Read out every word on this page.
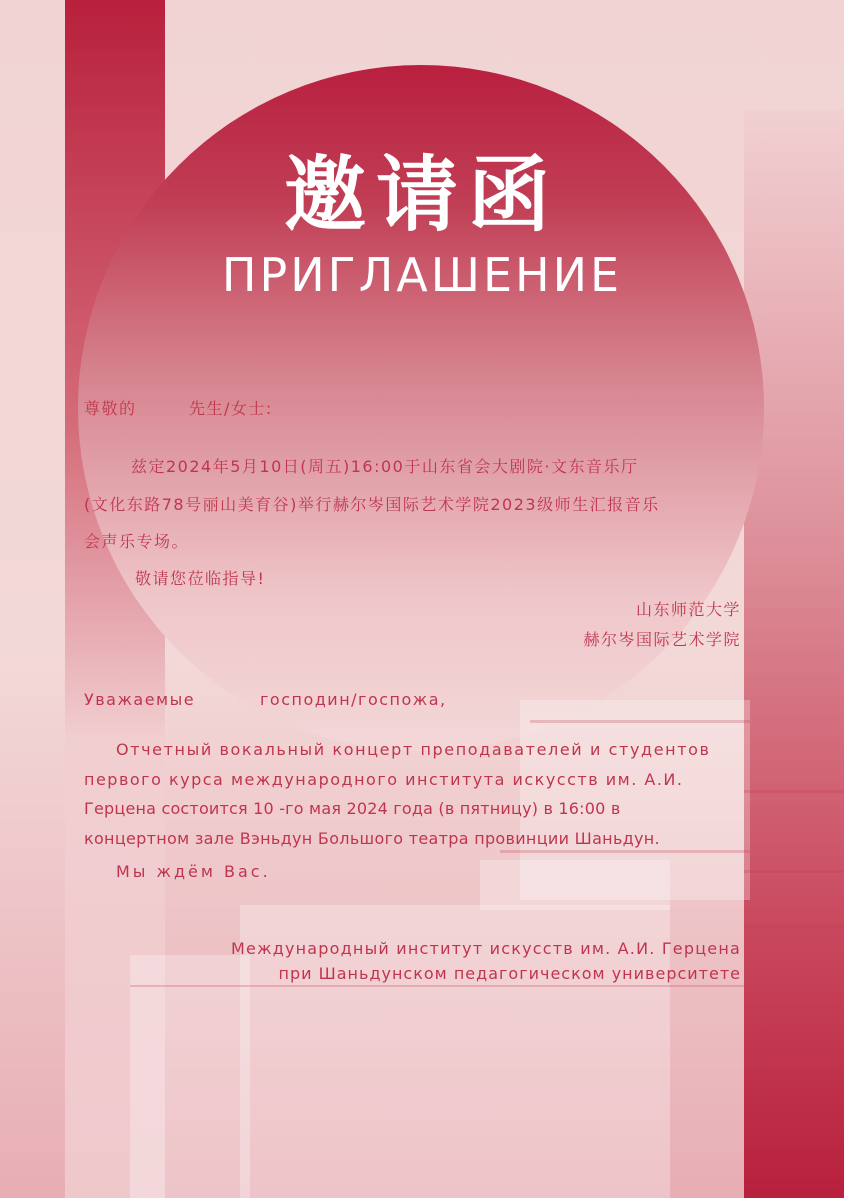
邀请函
ПРИГЛАШЕНИЕ
尊敬的	先生/女士:
兹定2024年5月10日(周五)16:00于山东省会大剧院·文东音乐厅
(文化东路78号丽山美育谷)举行赫尔岑国际艺术学院2023级师生汇报音乐
会声乐专场。
敬请您莅临指导!
山东师范大学
赫尔岑国际艺术学院
Уважаемые	господин/госпожа,
Отчетный вокальный концерт преподавателей и студентов
первого курса международного института искусств им. А.И.
Герцена состоится 10 -го мая 2024 года (в пятницу) в 16:00 в
концертном зале Вэньдун Большого театра провинции Шаньдун.
Мы ждём Вас.
Международный институт искусств им. А.И. Герцена
при Шаньдунском педагогическом университете
